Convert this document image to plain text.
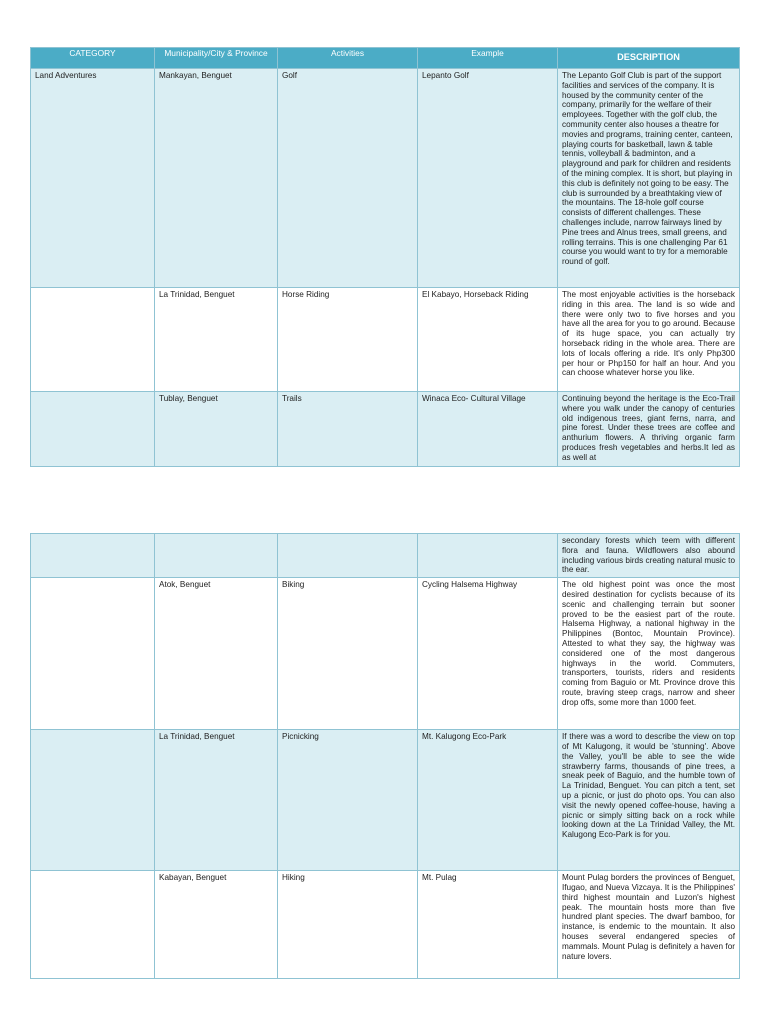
CATEGORY	Municipality/City & Province	Activities	Example	DESCRIPTION
Land Adventures	Mankayan, Benguet	Golf	Lepanto Golf	The Lepanto Golf Club is part of the support facilities and services of the company. It is housed by the community center of the company, primarily for the welfare of their employees. Together with the golf club, the community center also houses a theatre for movies and programs, training center, canteen, playing courts for basketball, lawn & table tennis, volleyball & badminton, and a playground and park for children and residents of the mining complex. It is short, but playing in this club is definitely not going to be easy. The club is surrounded by a breathtaking view of the mountains. The 18-hole golf course consists of different challenges. These challenges include, narrow fairways lined by Pine trees and Alnus trees, small greens, and rolling terrains. This is one challenging Par 61 course you would want to try for a memorable round of golf.
	La Trinidad, Benguet	Horse Riding	El Kabayo, Horseback Riding	The most enjoyable activities is the horseback riding in this area. The land is so wide and there were only two to five horses and you have all the area for you to go around. Because of its huge space, you can actually try horseback riding in the whole area. There are lots of locals offering a ride. It's only Php300 per hour or Php150 for half an hour. And you can choose whatever horse you like.
	Tublay, Benguet	Trails	Winaca Eco- Cultural Village	Continuing beyond the heritage is the Eco-Trail where you walk under the canopy of centuries old indigenous trees, giant ferns, narra, and pine forest. Under these trees are coffee and anthurium flowers. A thriving organic farm produces fresh vegetables and herbs.It led as as well at
				secondary forests which teem with different flora and fauna. Wildflowers also abound including various birds creating natural music to the ear.
	Atok, Benguet	Biking	Cycling Halsema Highway	The old highest point was once the most desired destination for cyclists because of its scenic and challenging terrain but sooner proved to be the easiest part of the route. Halsema Highway, a national highway in the Philippines (Bontoc, Mountain Province). Attested to what they say, the highway was considered one of the most dangerous highways in the world. Commuters, transporters, tourists, riders and residents coming from Baguio or Mt. Province drove this route, braving steep crags, narrow and sheer drop offs, some more than 1000 feet.
	La Trinidad, Benguet	Picnicking	Mt. Kalugong Eco-Park	If there was a word to describe the view on top of Mt Kalugong, it would be 'stunning'. Above the Valley, you'll be able to see the wide strawberry farms, thousands of pine trees, a sneak peek of Baguio, and the humble town of La Trinidad, Benguet. You can pitch a tent, set up a picnic, or just do photo ops. You can also visit the newly opened coffee-house, having a picnic or simply sitting back on a rock while looking down at the La Trinidad Valley, the Mt. Kalugong Eco-Park is for you.
	Kabayan, Benguet	Hiking	Mt. Pulag	Mount Pulag borders the provinces of Benguet, Ifugao, and Nueva Vizcaya. It is the Philippines' third highest mountain and Luzon's highest peak. The mountain hosts more than five hundred plant species. The dwarf bamboo, for instance, is endemic to the mountain. It also houses several endangered species of mammals. Mount Pulag is definitely a haven for nature lovers.
